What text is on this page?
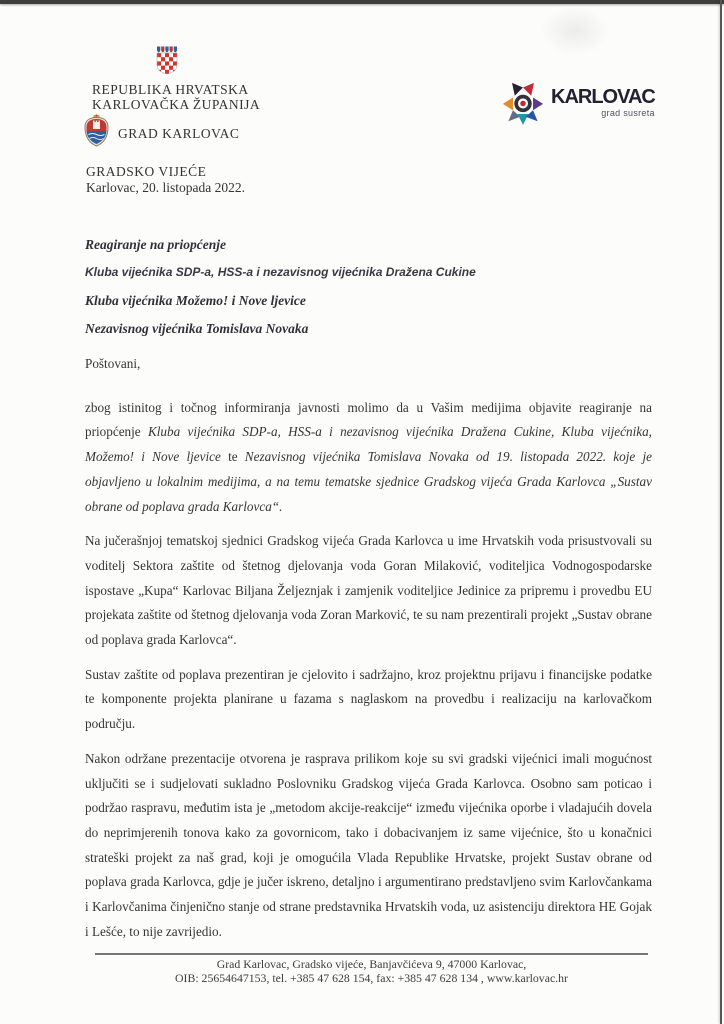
REPUBLIKA HRVATSKA
KARLOVAČKA ŽUPANIJA
GRAD KARLOVAC
GRADSKO VIJEĆE
Karlovac, 20. listopada 2022.
KARLOVAC
grad susreta

Reagiranje na priopćenje

Kluba vijećnika SDP-a, HSS-a i nezavisnog vijećnika Dražena Cukine

Kluba vijećnika Možemo! i Nove ljevice

Nezavisnog vijećnika Tomislava Novaka

Poštovani,

zbog istinitog i točnog informiranja javnosti molimo da u Vašim medijima objavite reagiranje na priopćenje Kluba vijećnika SDP-a, HSS-a i nezavisnog vijećnika Dražena Cukine, Kluba vijećnika, Možemo! i Nove ljevice te Nezavisnog vijećnika Tomislava Novaka od 19. listopada 2022. koje je objavljeno u lokalnim medijima, a na temu tematske sjednice Gradskog vijeća Grada Karlovca „Sustav obrane od poplava grada Karlovca“.

Na jučerašnjoj tematskoj sjednici Gradskog vijeća Grada Karlovca u ime Hrvatskih voda prisustvovali su voditelj Sektora zaštite od štetnog djelovanja voda Goran Milaković, voditeljica Vodnogospodarske ispostave „Kupa“ Karlovac Biljana Željeznjak i zamjenik voditeljice Jedinice za pripremu i provedbu EU projekata zaštite od štetnog djelovanja voda Zoran Marković, te su nam prezentirali projekt „Sustav obrane od poplava grada Karlovca“.

Sustav zaštite od poplava prezentiran je cjelovito i sadržajno, kroz projektnu prijavu i financijske podatke te komponente projekta planirane u fazama s naglaskom na provedbu i realizaciju na karlovačkom području.

Nakon održane prezentacije otvorena je rasprava prilikom koje su svi gradski vijećnici imali mogućnost uključiti se i sudjelovati sukladno Poslovniku Gradskog vijeća Grada Karlovca. Osobno sam poticao i podržao raspravu, međutim ista je „metodom akcije-reakcije“ između vijećnika oporbe i vladajućih dovela do neprimjerenih tonova kako za govornicom, tako i dobacivanjem iz same vijećnice, što u konačnici strateški projekt za naš grad, koji je omogućila Vlada Republike Hrvatske, projekt Sustav obrane od poplava grada Karlovca, gdje je jučer iskreno, detaljno i argumentirano predstavljeno svim Karlovčankama i Karlovčanima činjenično stanje od strane predstavnika Hrvatskih voda, uz asistenciju direktora HE Gojak i Lešće, to nije zavrijedio.

Grad Karlovac, Gradsko vijeće, Banjavčićeva 9, 47000 Karlovac,
OIB: 25654647153, tel. +385 47 628 154, fax: +385 47 628 134 , www.karlovac.hr
